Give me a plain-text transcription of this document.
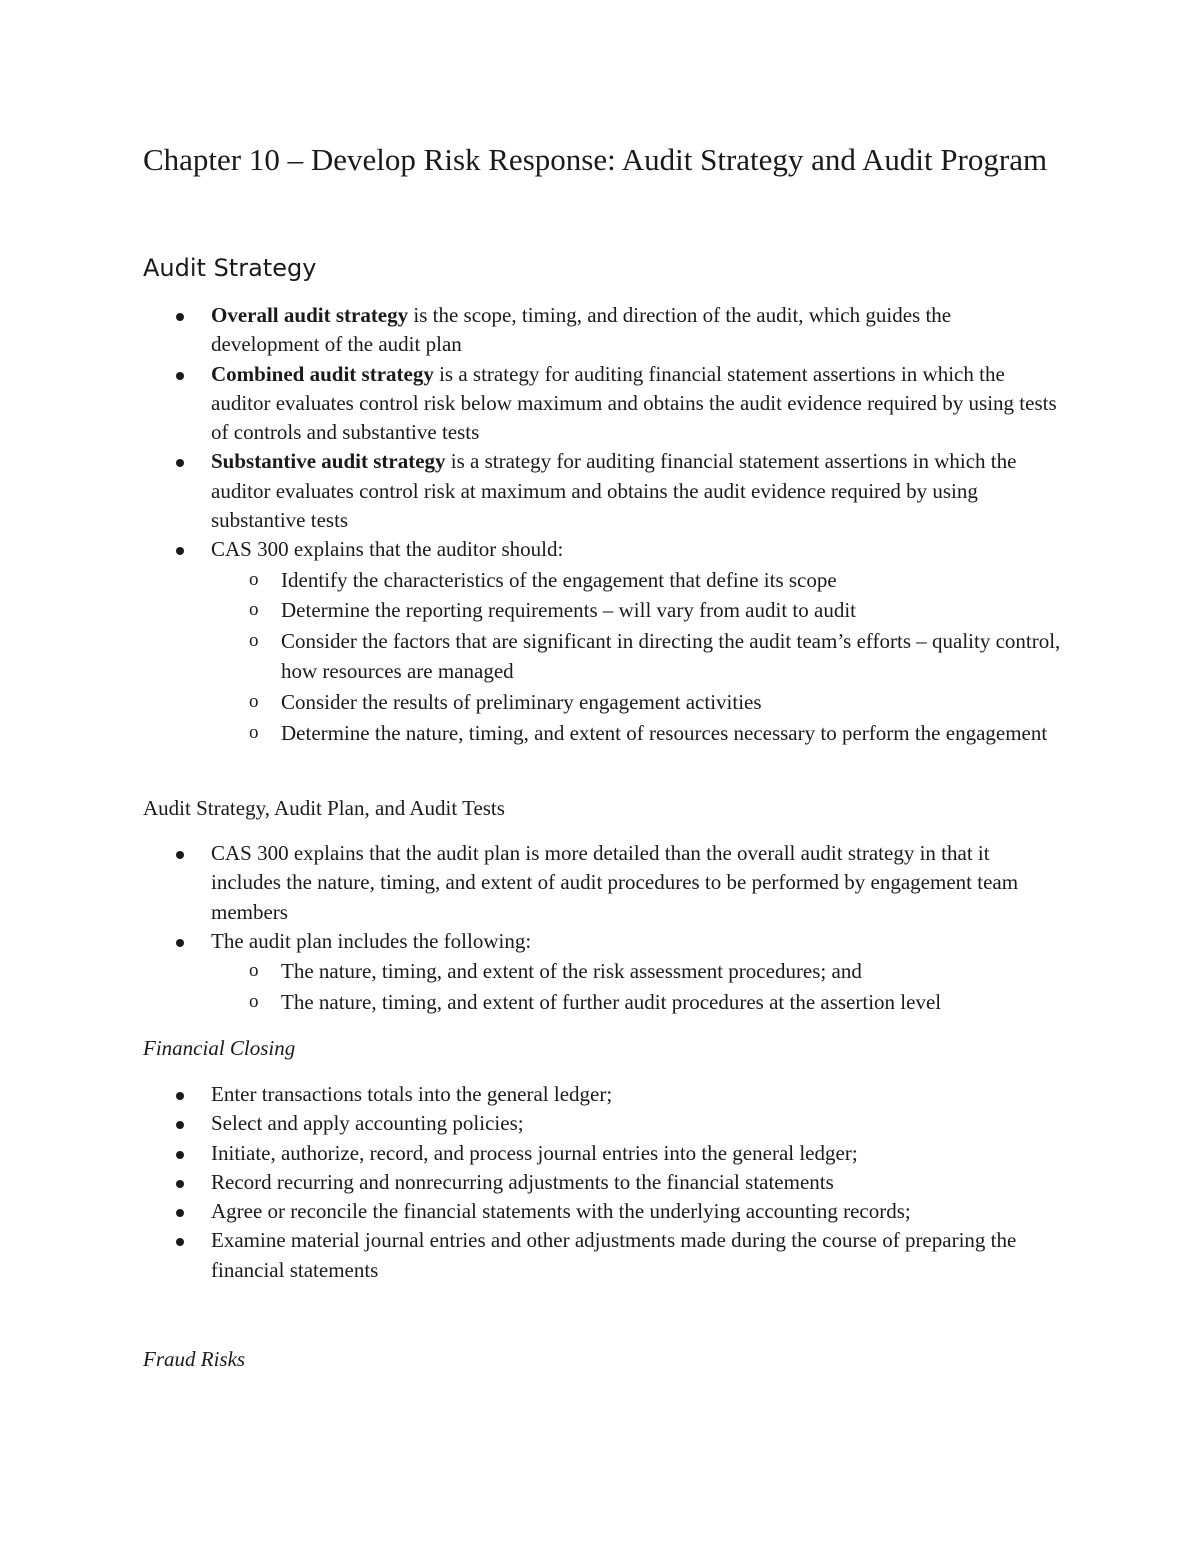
Chapter 10 – Develop Risk Response: Audit Strategy and Audit Program
Audit Strategy
Overall audit strategy is the scope, timing, and direction of the audit, which guides the development of the audit plan
Combined audit strategy is a strategy for auditing financial statement assertions in which the auditor evaluates control risk below maximum and obtains the audit evidence required by using tests of controls and substantive tests
Substantive audit strategy is a strategy for auditing financial statement assertions in which the auditor evaluates control risk at maximum and obtains the audit evidence required by using substantive tests
CAS 300 explains that the auditor should:
o Identify the characteristics of the engagement that define its scope
o Determine the reporting requirements – will vary from audit to audit
o Consider the factors that are significant in directing the audit team’s efforts – quality control, how resources are managed
o Consider the results of preliminary engagement activities
o Determine the nature, timing, and extent of resources necessary to perform the engagement

Audit Strategy, Audit Plan, and Audit Tests

CAS 300 explains that the audit plan is more detailed than the overall audit strategy in that it includes the nature, timing, and extent of audit procedures to be performed by engagement team members
The audit plan includes the following:
o The nature, timing, and extent of the risk assessment procedures; and
o The nature, timing, and extent of further audit procedures at the assertion level

Financial Closing

Enter transactions totals into the general ledger;
Select and apply accounting policies;
Initiate, authorize, record, and process journal entries into the general ledger;
Record recurring and nonrecurring adjustments to the financial statements
Agree or reconcile the financial statements with the underlying accounting records;
Examine material journal entries and other adjustments made during the course of preparing the financial statements

Fraud Risks
